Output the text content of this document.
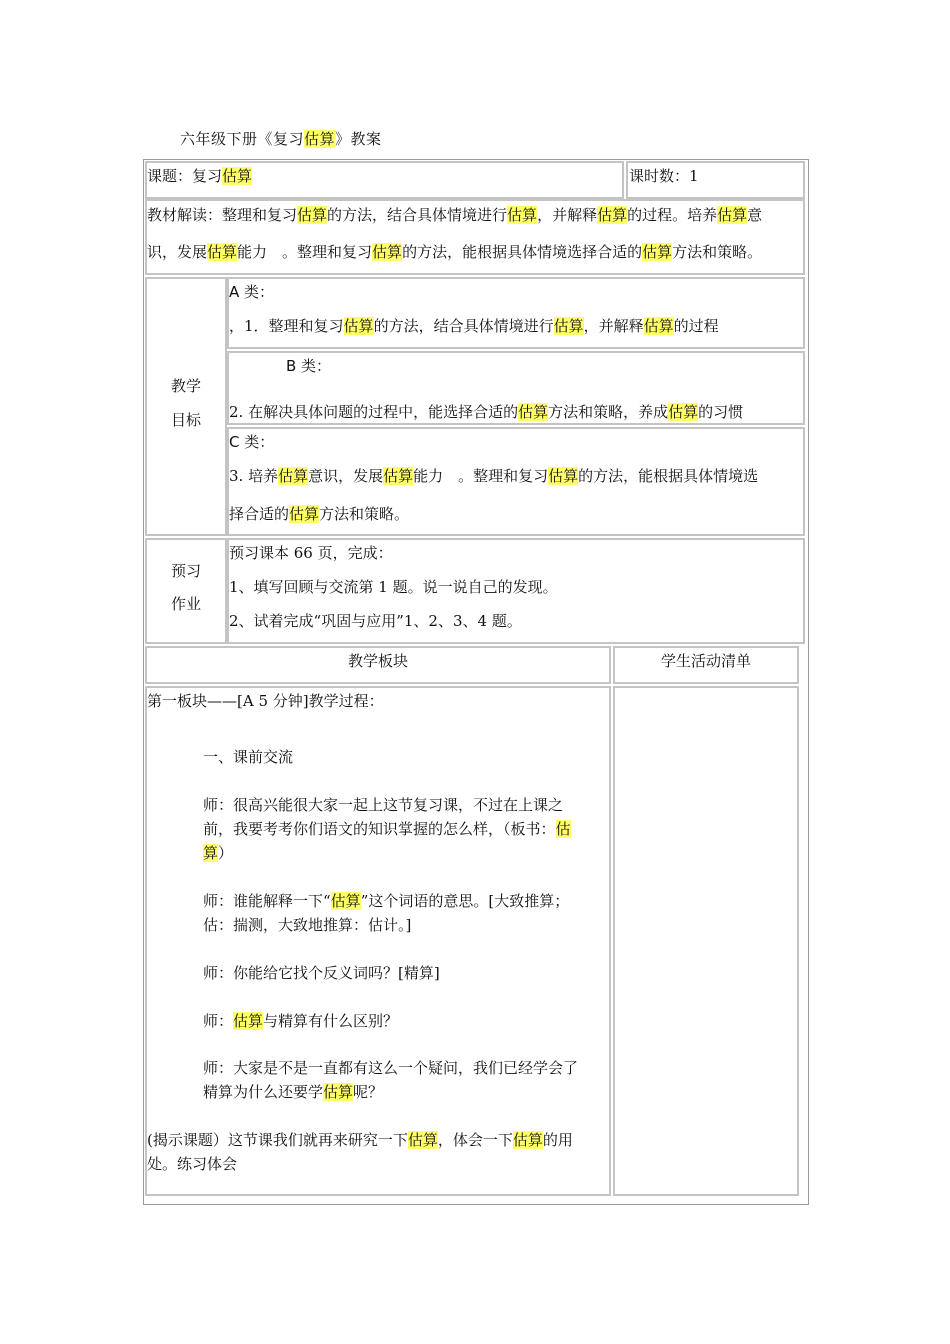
六年级下册《复习估算》教案
课题：复习估算	课时数：1
教材解读：整理和复习估算的方法，结合具体情境进行估算，并解释估算的过程。培养估算意
识，发展估算能力　。整理和复习估算的方法，能根据具体情境选择合适的估算方法和策略。
教学
目标
A 类：
，1．整理和复习估算的方法，结合具体情境进行估算，并解释估算的过程
B 类：
2. 在解决具体问题的过程中，能选择合适的估算方法和策略，养成估算的习惯
C 类：
3. 培养估算意识，发展估算能力　。整理和复习估算的方法，能根据具体情境选
择合适的估算方法和策略。
预习
作业
预习课本 66 页，完成：
1、填写回顾与交流第 1 题。说一说自己的发现。
2、试着完成“巩固与应用”1、2、3、4 题。
教学板块	学生活动清单
第一板块——[A 5 分钟]教学过程：
一、课前交流
师：很高兴能很大家一起上这节复习课，不过在上课之
前，我要考考你们语文的知识掌握的怎么样，（板书：估
算）
师：谁能解释一下“估算”这个词语的意思。[大致推算；
估：揣测，大致地推算：估计。]
师：你能给它找个反义词吗？[精算]
师：估算与精算有什么区别？
师：大家是不是一直都有这么一个疑问，我们已经学会了
精算为什么还要学估算呢？
(揭示课题）这节课我们就再来研究一下估算，体会一下估算的用
处。练习体会
